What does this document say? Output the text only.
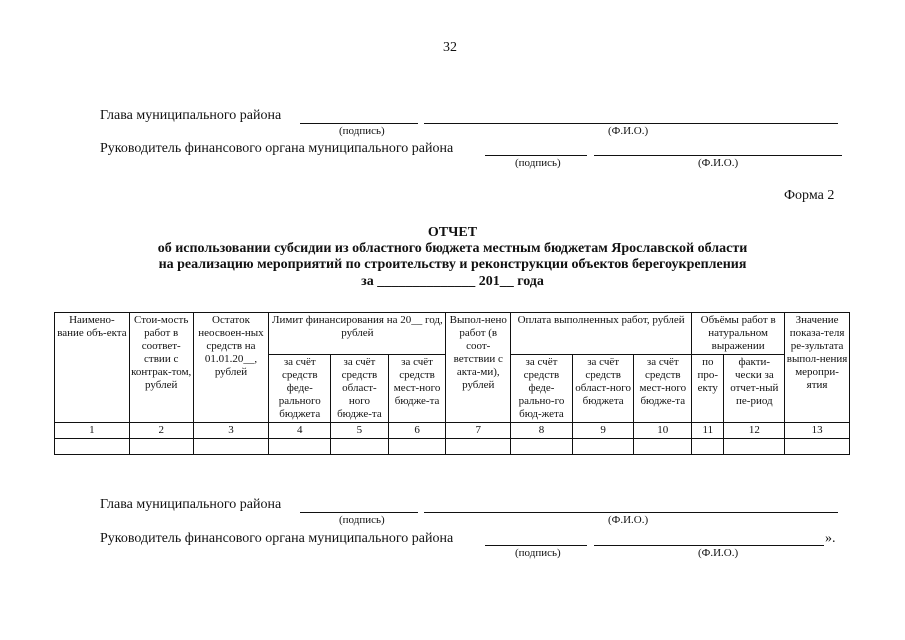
32
Глава муниципального района
(подпись)	(Ф.И.О.)
Руководитель финансового органа муниципального района
(подпись)	(Ф.И.О.)
Форма 2
ОТЧЕТ
об использовании субсидии из областного бюджета местным бюджетам Ярославской области
на реализацию мероприятий по строительству и реконструкции объектов берегоукрепления
за ______________ 201__ года
Наимено-вание объ-екта	Стои-мость работ в соответ-ствии с контрак-том, рублей	Остаток неосвоен-ных средств на 01.01.20__, рублей	Лимит финансирования на 20__ год, рублей			Выпол-нено работ (в соот-ветствии с акта-ми), рублей	Оплата выполненных работ, рублей			Объёмы работ в натуральном выражении		Значение показа-теля ре-зультата выпол-нения меропри-ятия
			за счёт средств феде-рального бюджета	за счёт средств област-ного бюдже-та	за счёт средств мест-ного бюдже-та		за счёт средств феде-рально-го бюд-жета	за счёт средств област-ного бюджета	за счёт средств мест-ного бюдже-та	по про-екту	факти-чески за отчет-ный пе-риод	
1	2	3	4	5	6	7	8	9	10	11	12	13

Глава муниципального района
(подпись)	(Ф.И.О.)
Руководитель финансового органа муниципального района	».
(подпись)	(Ф.И.О.)
